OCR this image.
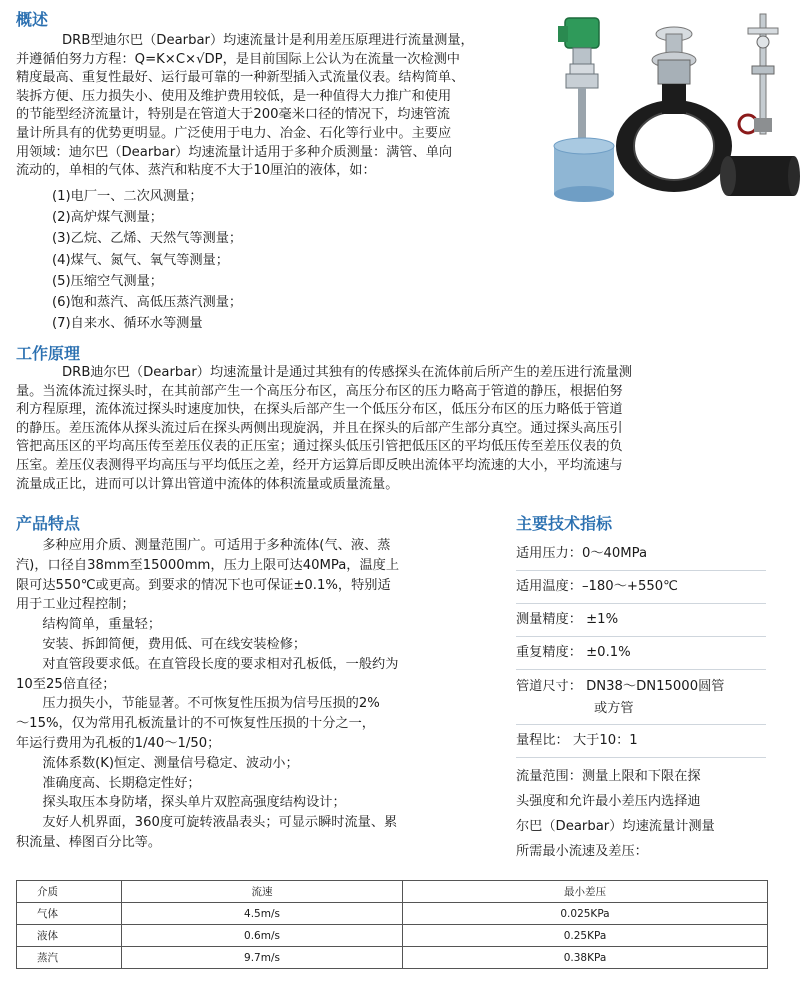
概述
DRB型迪尔巴（Dearbar）均速流量计是利用差压原理进行流量测量，
并遵循伯努力方程：Q=K×C×√DP，是目前国际上公认为在流量一次检测中
精度最高、重复性最好、运行最可靠的一种新型插入式流量仪表。结构简单、
装拆方便、压力损失小、使用及维护费用较低，是一种值得大力推广和使用
的节能型经济流量计，特别是在管道大于200毫米口径的情况下，均速管流
量计所具有的优势更明显。广泛使用于电力、冶金、石化等行业中。主要应
用领域：迪尔巴（Dearbar）均速流量计适用于多种介质测量：满管、单向
流动的，单相的气体、蒸汽和粘度不大于10厘泊的液体，如：
(1)电厂一、二次风测量；
(2)高炉煤气测量；
(3)乙烷、乙烯、天然气等测量；
(4)煤气、氮气、氧气等测量；
(5)压缩空气测量；
(6)饱和蒸汽、高低压蒸汽测量；
(7)自来水、循环水等测量
工作原理
DRB迪尔巴（Dearbar）均速流量计是通过其独有的传感探头在流体前后所产生的差压进行流量测
量。当流体流过探头时，在其前部产生一个高压分布区，高压分布区的压力略高于管道的静压，根据伯努
利方程原理，流体流过探头时速度加快，在探头后部产生一个低压分布区，低压分布区的压力略低于管道
的静压。差压流体从探头流过后在探头两侧出现旋涡，并且在探头的后部产生部分真空。通过探头高压引
管把高压区的平均高压传至差压仪表的正压室；通过探头低压引管把低压区的平均低压传至差压仪表的负
压室。差压仪表测得平均高压与平均低压之差，经开方运算后即反映出流体平均流速的大小，平均流速与
流量成正比，进而可以计算出管道中流体的体积流量或质量流量。
产品特点
　　多种应用介质、测量范围广。可适用于多种流体(气、液、蒸
汽)，口径自38mm至15000mm，压力上限可达40MPa，温度上
限可达550℃或更高。到要求的情况下也可保证±0.1%，特别适
用于工业过程控制；
　　结构简单，重量轻；
　　安装、拆卸简便，费用低、可在线安装检修；
　　对直管段要求低。在直管段长度的要求相对孔板低，一般约为
10至25倍直径；
　　压力损失小，节能显著。不可恢复性压损为信号压损的2%
～15%，仅为常用孔板流量计的不可恢复性压损的十分之一，
年运行费用为孔板的1/40～1/50；
　　流体系数(K)恒定、测量信号稳定、波动小；
　　准确度高、长期稳定性好；
　　探头取压本身防堵，探头单片双腔高强度结构设计；
　　友好人机界面，360度可旋转液晶表头；可显示瞬时流量、累
积流量、棒图百分比等。
主要技术指标
适用压力：0～40MPa
适用温度：–180～+550℃
测量精度： ±1%
重复精度： ±0.1%
管道尺寸： DN38～DN15000圆管
或方管
量程比： 大于10：1
流量范围：测量上限和下限在探
头强度和允许最小差压内选择迪
尔巴（Dearbar）均速流量计测量
所需最小流速及差压：
介质	流速	最小差压
气体	4.5m/s	0.025KPa
液体	0.6m/s	0.25KPa
蒸汽	9.7m/s	0.38KPa
